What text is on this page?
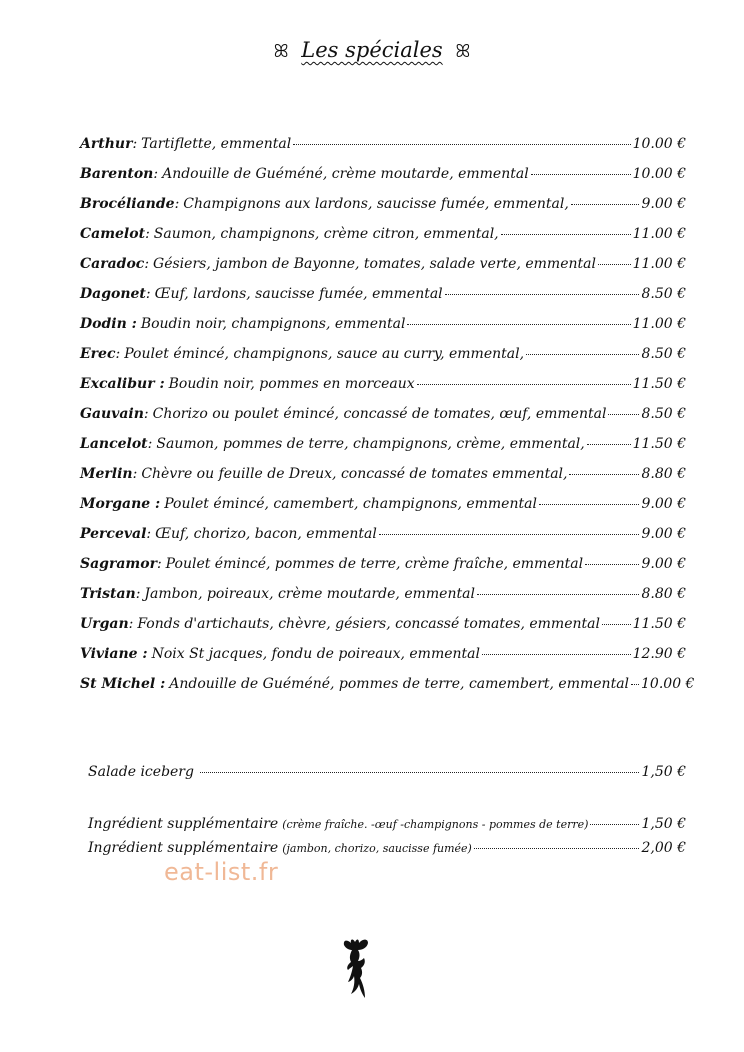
ꕤ Les spéciales ꕤ
Arthur : Tartiflette, emmental	10.00 €
Barenton : Andouille de Guéméné, crème moutarde, emmental	10.00 €
Brocéliande : Champignons aux lardons, saucisse fumée, emmental,	9.00 €
Camelot : Saumon, champignons, crème citron, emmental,	11.00 €
Caradoc : Gésiers, jambon de Bayonne, tomates, salade verte, emmental	11.00 €
Dagonet : Œuf, lardons, saucisse fumée, emmental	8.50 €
Dodin : Boudin noir, champignons, emmental	11.00 €
Erec : Poulet émincé, champignons, sauce au curry, emmental,	8.50 €
Excalibur : Boudin noir, pommes en morceaux	11.50 €
Gauvain : Chorizo ou poulet émincé, concassé de tomates, œuf, emmental	8.50 €
Lancelot : Saumon, pommes de terre, champignons, crème, emmental,	11.50 €
Merlin : Chèvre ou feuille de Dreux, concassé de tomates emmental,	8.80 €
Morgane : Poulet émincé, camembert, champignons, emmental	9.00 €
Perceval : Œuf, chorizo, bacon, emmental	9.00 €
Sagramor : Poulet émincé, pommes de terre, crème fraîche, emmental	9.00 €
Tristan : Jambon, poireaux, crème moutarde, emmental	8.80 €
Urgan : Fonds d'artichauts, chèvre, gésiers, concassé tomates, emmental 11.50 €
Viviane : Noix St jacques, fondu de poireaux, emmental	12.90 €
St Michel : Andouille de Guéméné, pommes de terre, camembert, emmental 10.00 €
Salade iceberg	1,50 €
Ingrédient supplémentaire (crème fraîche. -œuf -champignons - pommes de terre)	1,50 €
Ingrédient supplémentaire (jambon, chorizo, saucisse fumée)	2,00 €
eat-list.fr
